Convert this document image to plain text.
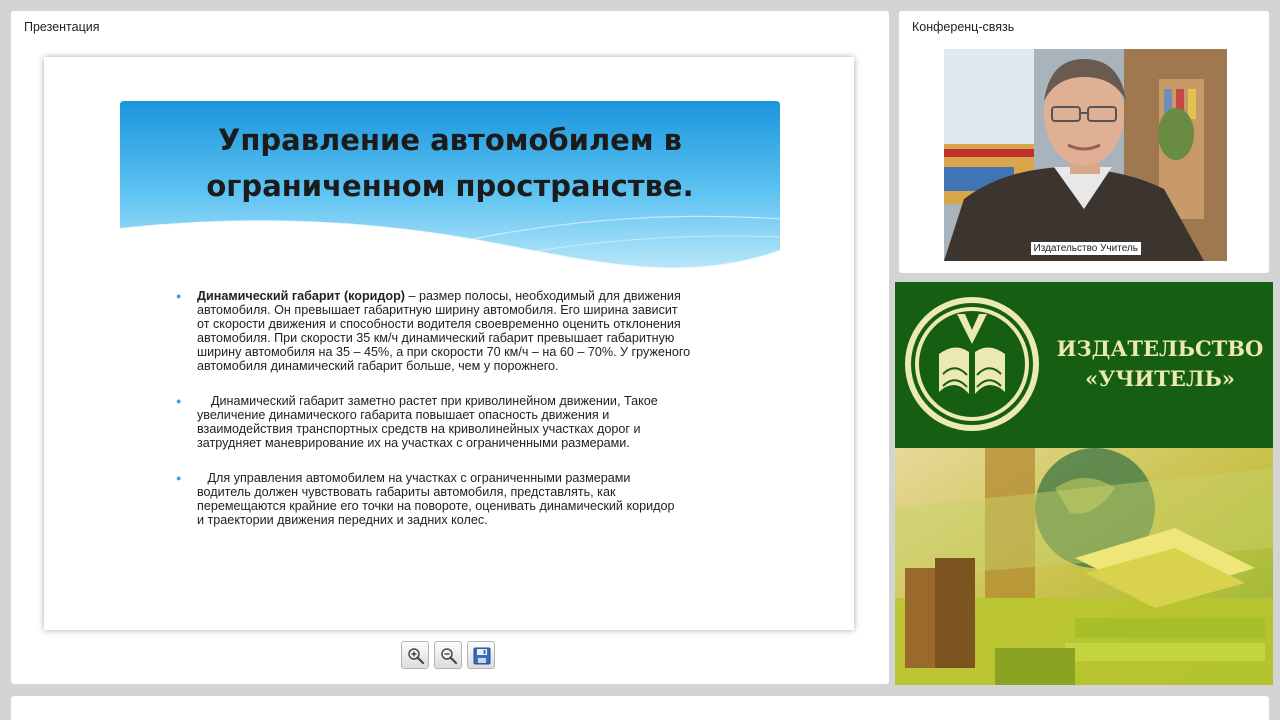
Презентация
Управление автомобилем в
ограниченном пространстве.
● Динамический габарит (коридор) – размер полосы, необходимый для движения
автомобиля. Он превышает габаритную ширину автомобиля. Его ширина зависит
от скорости движения и способности водителя своевременно оценить отклонения
автомобиля. При скорости 35 км/ч динамический габарит превышает габаритную
ширину автомобиля на 35 – 45%, а при скорости 70 км/ч – на 60 – 70%. У груженого
автомобиля динамический габарит больше, чем у порожнего.
● Динамический габарит заметно растет при криволинейном движении, Такое
увеличение динамического габарита повышает опасность движения и
взаимодействия транспортных средств на криволинейных участках дорог и
затрудняет маневрирование их на участках с ограниченными размерами.
● Для управления автомобилем на участках с ограниченными размерами
водитель должен чувствовать габариты автомобиля, представлять, как
перемещаются крайние его точки на повороте, оценивать динамический коридор
и траектории движения передних и задних колес.
Конференц-связь
Издательство Учитель
ИЗДАТЕЛЬСТВО
«УЧИТЕЛЬ»
